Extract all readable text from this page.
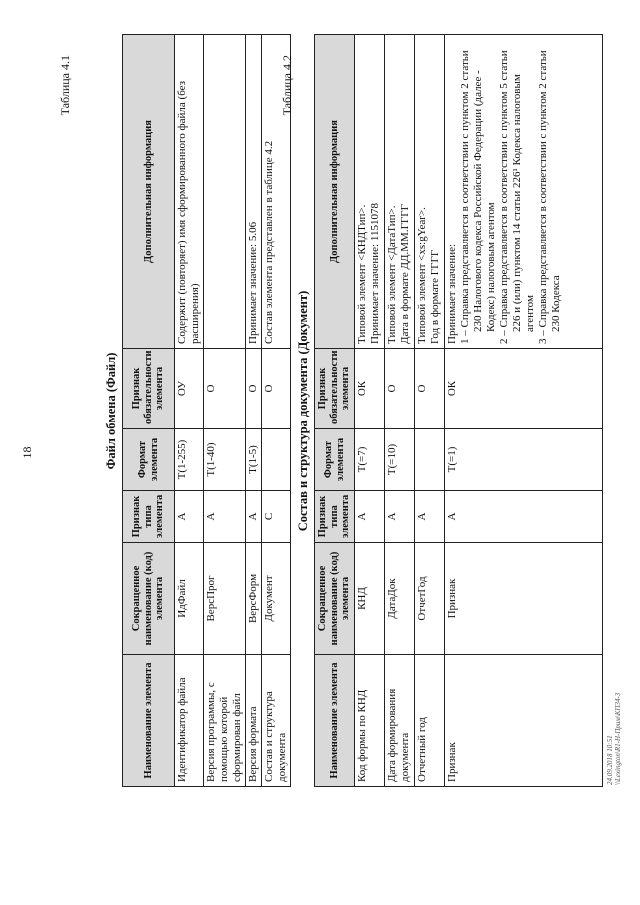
18
Таблица 4.1
Файл обмена (Файл)
Наименование элемента	Сокращенное наименование (код) элемента	Признак типа элемента	Формат элемента	Признак обязательности элемента	Дополнительная информация
Идентификатор файла	ИдФайл	А	Т(1-255)	ОУ	Содержит (повторяет) имя сформированного файла (без расширения)
Версия программы, с помощью которой сформирован файл	ВерсПрог	А	Т(1-40)	О	
Версия формата	ВерсФорм	А	Т(1-5)	О	Принимает значение: 5.06
Состав и структура документа	Документ	С		О	Состав элемента представлен в таблице 4.2
Таблица 4.2
Состав и структура документа (Документ)
Наименование элемента	Сокращенное наименование (код) элемента	Признак типа элемента	Формат элемента	Признак обязательности элемента	Дополнительная информация
Код формы по КНД	КНД	А	Т(=7)	ОК	Типовой элемент <КНДТип>. Принимает значение: 1151078

Дата формирования документа	ДатаДок	А	Т(=10)	О	Типовой элемент <ДатаТип>. Дата в формате ДД.ММ.ГГГГ

Отчетный год	ОтчетГод	А		О	Типовой элемент <xs:gYear>. Год в формате ГГГГ

Признак	Признак	А	Т(=1)	ОК	Принимает значение: 1 – Справка представляется в соответствии с пунктом 2 статьи 230 Налогового кодекса Российской Федерации (далее - Кодекс) налоговым агентом 2 – Справка представляется в соответствии с пунктом 5 статьи 226 и (или) пунктом 14 статьи 226¹ Кодекса налоговым агентом 3 – Справка представляется в соответствии с пунктом 2 статьи 230 Кодекса
24.09.2018 10:51 \\Lexington\R1-H-Прим\КП34-3
